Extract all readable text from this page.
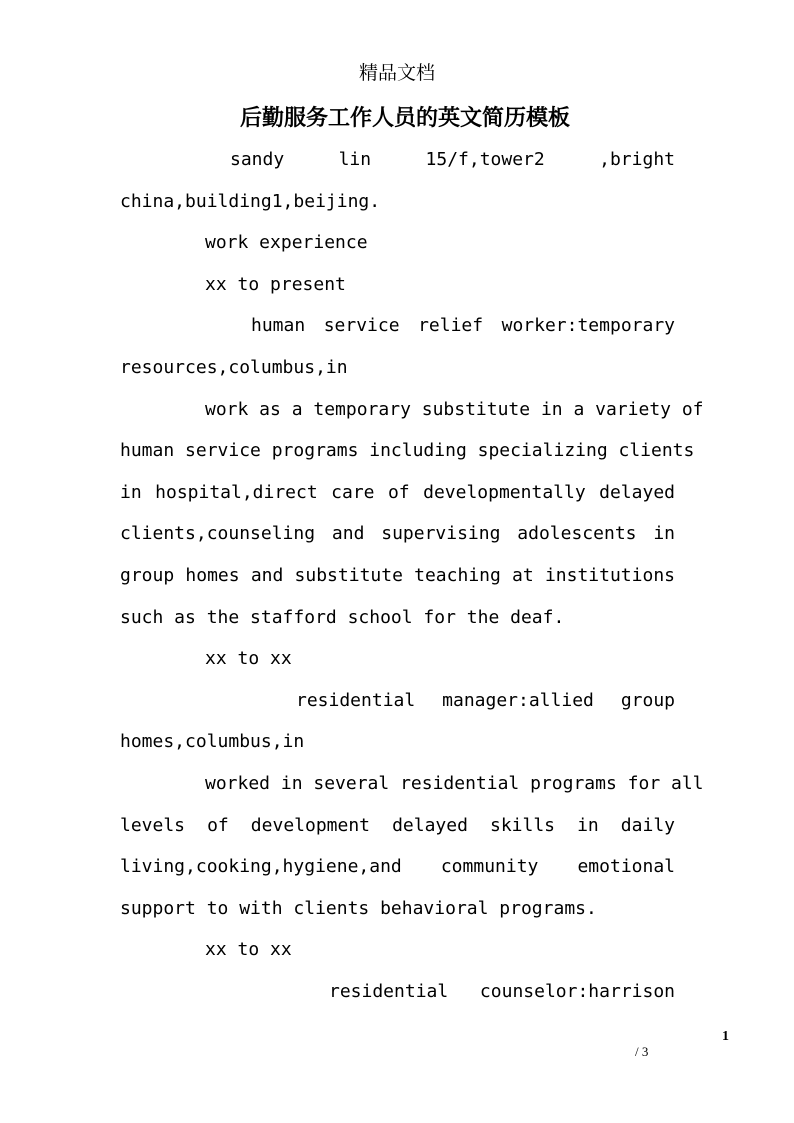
精品文档
后勤服务工作人员的英文简历模板
sandy lin 15/f,tower2 ,bright
china,building1,beijing.
work experience
xx to present
human service relief worker:temporary
resources,columbus,in
work as a temporary substitute in a variety of
human service programs including specializing clients
in hospital,direct care of developmentally delayed
clients,counseling and supervising adolescents in
group homes and substitute teaching at institutions
such as the stafford school for the deaf.
xx to xx
residential manager:allied group
homes,columbus,in
worked in several residential programs for all
levels of development delayed skills in daily
living,cooking,hygiene,and community emotional
support to with clients behavioral programs.
xx to xx
residential counselor:harrison
1
/ 3
